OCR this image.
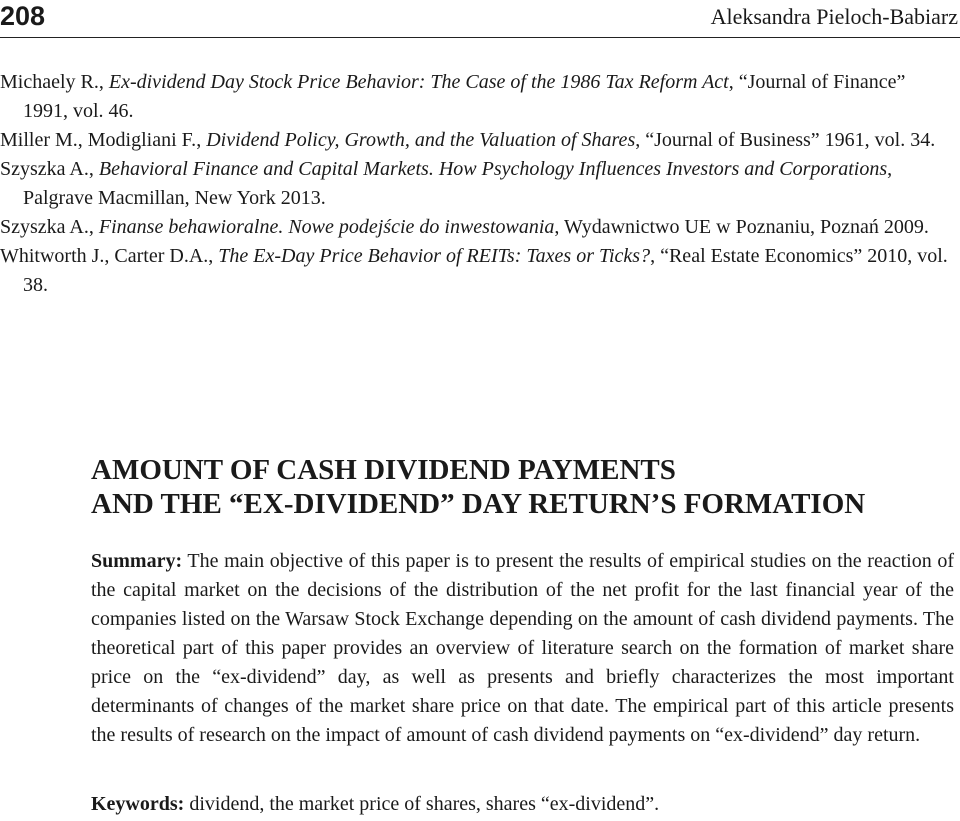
208	Aleksandra Pieloch-Babiarz
Michaely R., Ex-dividend Day Stock Price Behavior: The Case of the 1986 Tax Reform Act, “Journal of Finance” 1991, vol. 46.
Miller M., Modigliani F., Dividend Policy, Growth, and the Valuation of Shares, “Journal of Business” 1961, vol. 34.
Szyszka A., Behavioral Finance and Capital Markets. How Psychology Influences Investors and Corporations, Palgrave Macmillan, New York 2013.
Szyszka A., Finanse behawioralne. Nowe podejście do inwestowania, Wydawnictwo UE w Poznaniu, Poznań 2009.
Whitworth J., Carter D.A., The Ex-Day Price Behavior of REITs: Taxes or Ticks?, “Real Estate Economics” 2010, vol. 38.
AMOUNT OF CASH DIVIDEND PAYMENTS
AND THE “EX-DIVIDEND” DAY RETURN’S FORMATION
Summary: The main objective of this paper is to present the results of empirical studies on the reaction of the capital market on the decisions of the distribution of the net profit for the last financial year of the companies listed on the Warsaw Stock Exchange depending on the amount of cash dividend payments. The theoretical part of this paper provides an overview of literature search on the formation of market share price on the “ex-dividend” day, as well as presents and briefly characterizes the most important determinants of changes of the market share price on that date. The empirical part of this article presents the results of research on the impact of amount of cash dividend payments on “ex-dividend” day return.
Keywords: dividend, the market price of shares, shares “ex-dividend”.
